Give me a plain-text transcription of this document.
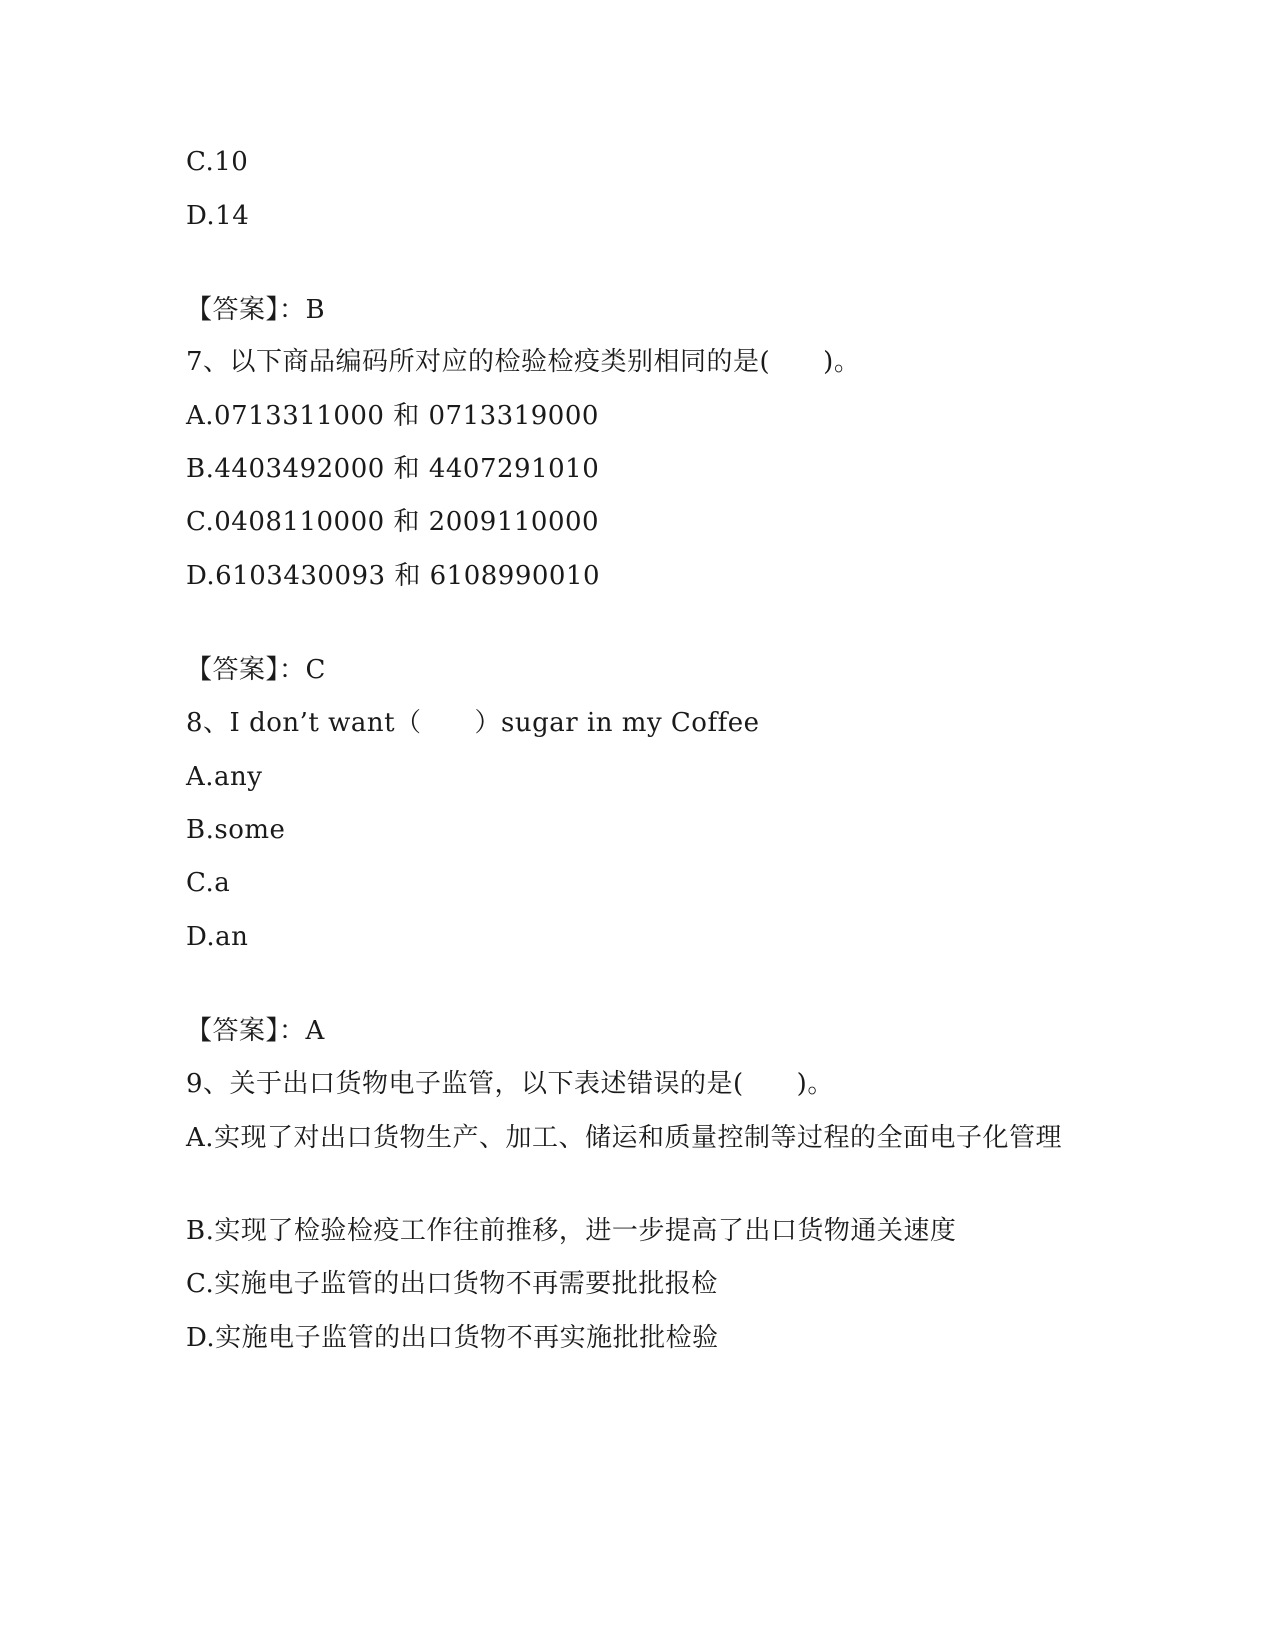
C.10
D.14
【答案】：B
7、以下商品编码所对应的检验检疫类别相同的是(　　)。
A.0713311000 和 0713319000
B.4403492000 和 4407291010
C.0408110000 和 2009110000
D.6103430093 和 6108990010
【答案】：C
8、I don’t want（　　）sugar in my Coffee
A.any
B.some
C.a
D.an
【答案】：A
9、关于出口货物电子监管，以下表述错误的是(　　)。
A.实现了对出口货物生产、加工、储运和质量控制等过程的全面电子化管理
B.实现了检验检疫工作往前推移，进一步提高了出口货物通关速度
C.实施电子监管的出口货物不再需要批批报检
D.实施电子监管的出口货物不再实施批批检验
